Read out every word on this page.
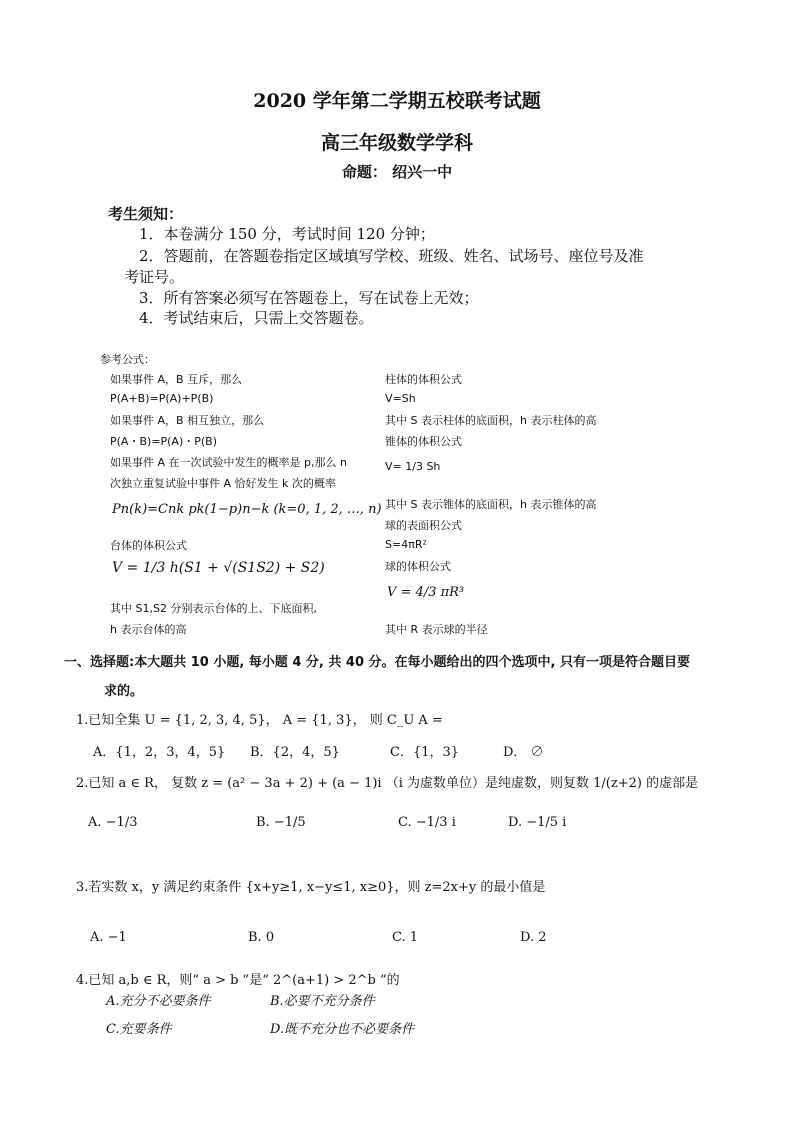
2020 学年第二学期五校联考试题
高三年级数学学科
命题： 绍兴一中
考生须知：
1．本卷满分 150 分，考试时间 120 分钟；
2．答题前，在答题卷指定区域填写学校、班级、姓名、试场号、座位号及准
考证号。
3．所有答案必须写在答题卷上，写在试卷上无效；
4．考试结束后，只需上交答题卷。
参考公式：
如果事件 A，B 互斥，那么
P(A+B)=P(A)+P(B)
如果事件 A，B 相互独立，那么
P(A・B)=P(A)・P(B)
如果事件 A 在一次试验中发生的概率是 p,那么 n
次独立重复试验中事件 A 恰好发生 k 次的概率
Pn(k)=Cnk pk(1−p)n−k (k=0, 1, 2, …, n)
台体的体积公式
V = 1/3 h(S1 + √(S1S2) + S2)
其中 S1,S2 分别表示台体的上、下底面积,
h 表示台体的高
柱体的体积公式
V=Sh
其中 S 表示柱体的底面积，h 表示柱体的高
锥体的体积公式
V= 1/3 Sh
其中 S 表示锥体的底面积，h 表示锥体的高
球的表面积公式
S=4πR²
球的体积公式
V = 4/3 πR³
其中 R 表示球的半径
一、选择题:本大题共 10 小题, 每小题 4 分, 共 40 分。在每小题给出的四个选项中, 只有一项是符合题目要
求的。
1.已知全集 U = {1, 2, 3, 4, 5}， A = {1, 3}， 则 C_U A =
A．{1，2，3，4，5} B．{2，4，5}	C．{1，3}	D． ∅
2.已知 a ∈ R， 复数 z = (a² − 3a + 2) + (a − 1)i （i 为虚数单位）是纯虚数，则复数 1/(z+2) 的虚部是
A. −1/3	B. −1/5	C. −1/3 i	D. −1/5 i
3.若实数 x，y 满足约束条件 {x+y≥1, x−y≤1, x≥0}，则 z=2x+y 的最小值是
A. −1	B. 0	C. 1	D. 2
4.已知 a,b ∈ R，则“ a > b ”是“ 2^(a+1) > 2^b ”的
A.充分不必要条件	B.必要不充分条件
C.充要条件	D.既不充分也不必要条件
